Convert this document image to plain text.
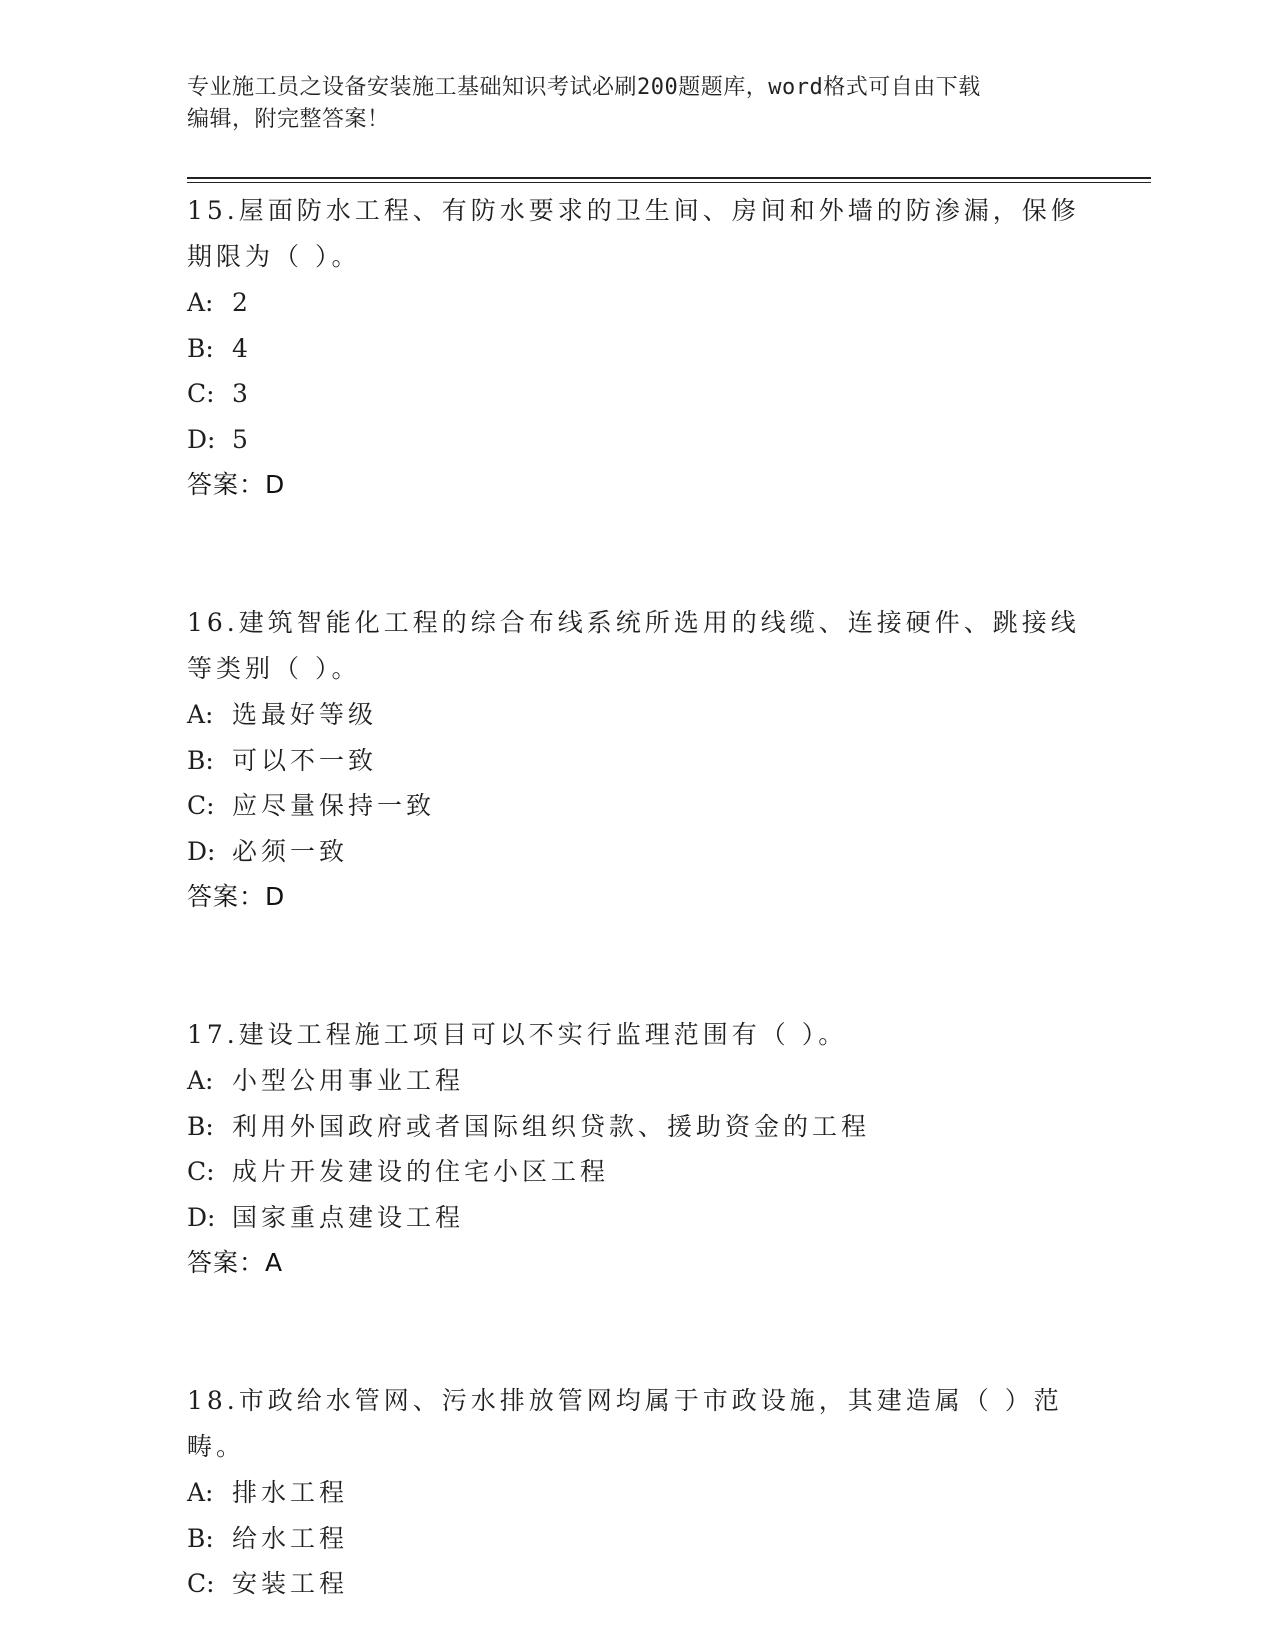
专业施工员之设备安装施工基础知识考试必刷200题题库，word格式可自由下载
编辑，附完整答案！
15.屋面防水工程、有防水要求的卫生间、房间和外墙的防渗漏，保修
期限为（ ）。
A: 2
B: 4
C: 3
D: 5
答案：D
16.建筑智能化工程的综合布线系统所选用的线缆、连接硬件、跳接线
等类别（ ）。
A: 选最好等级
B: 可以不一致
C: 应尽量保持一致
D: 必须一致
答案：D
17.建设工程施工项目可以不实行监理范围有（ ）。
A: 小型公用事业工程
B: 利用外国政府或者国际组织贷款、援助资金的工程
C: 成片开发建设的住宅小区工程
D: 国家重点建设工程
答案：A
18.市政给水管网、污水排放管网均属于市政设施，其建造属（ ）范
畴。
A: 排水工程
B: 给水工程
C: 安装工程
